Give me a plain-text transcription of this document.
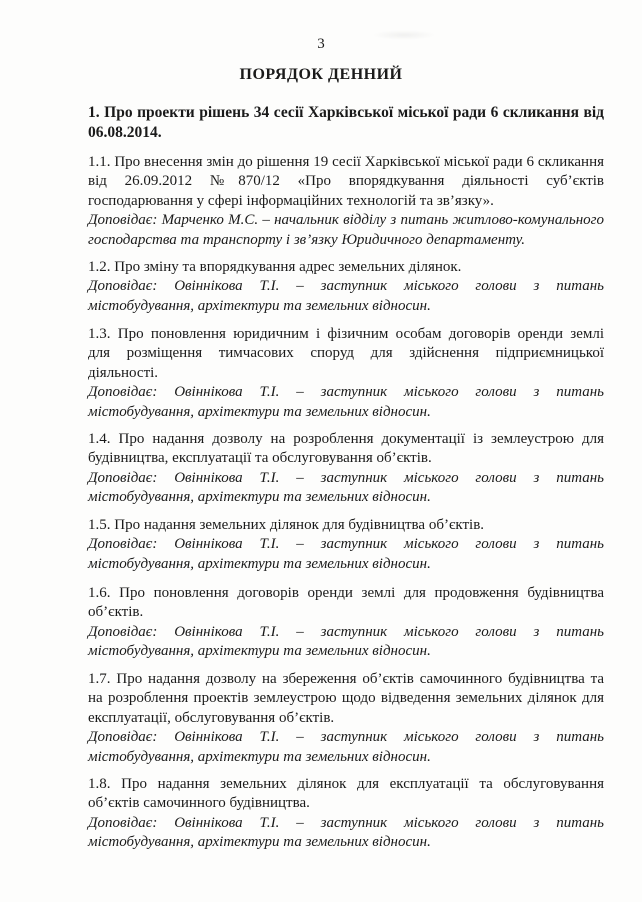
3
ПОРЯДОК ДЕННИЙ
1. Про проекти рішень 34 сесії Харківської міської ради 6 скликання від 06.08.2014.

1.1. Про внесення змін до рішення 19 сесії Харківської міської ради 6 скликання

від 26.09.2012 №870/12 «Про впорядкування діяльності суб’єктів

господарювання у сфері інформаційних технологій та зв’язку».

Доповідає: Марченко М.С. – начальник відділу з питань житлово-комунального

господарства та транспорту і зв’язку Юридичного департаменту.

1.2. Про зміну та впорядкування адрес земельних ділянок.

Доповідає: Овіннікова Т.І. – заступник міського голови з питань

містобудування, архітектури та земельних відносин.

1.3. Про поновлення юридичним і фізичним особам договорів оренди землі

для розміщення тимчасових споруд для здійснення підприємницької

діяльності.

Доповідає: Овіннікова Т.І. – заступник міського голови з питань

містобудування, архітектури та земельних відносин.

1.4. Про надання дозволу на розроблення документації із землеустрою для

будівництва, експлуатації та обслуговування об’єктів.

Доповідає: Овіннікова Т.І. – заступник міського голови з питань

містобудування, архітектури та земельних відносин.

1.5. Про надання земельних ділянок для будівництва об’єктів.

Доповідає: Овіннікова Т.І. – заступник міського голови з питань

містобудування, архітектури та земельних відносин.

1.6. Про поновлення договорів оренди землі для продовження будівництва

об’єктів.

Доповідає: Овіннікова Т.І. – заступник міського голови з питань

містобудування, архітектури та земельних відносин.

1.7. Про надання дозволу на збереження об’єктів самочинного будівництва та

на розроблення проектів землеустрою щодо відведення земельних ділянок для

експлуатації, обслуговування об’єктів.

Доповідає: Овіннікова Т.І. – заступник міського голови з питань

містобудування, архітектури та земельних відносин.

1.8. Про надання земельних ділянок для експлуатації та обслуговування

об’єктів самочинного будівництва.

Доповідає: Овіннікова Т.І. – заступник міського голови з питань

містобудування, архітектури та земельних відносин.
